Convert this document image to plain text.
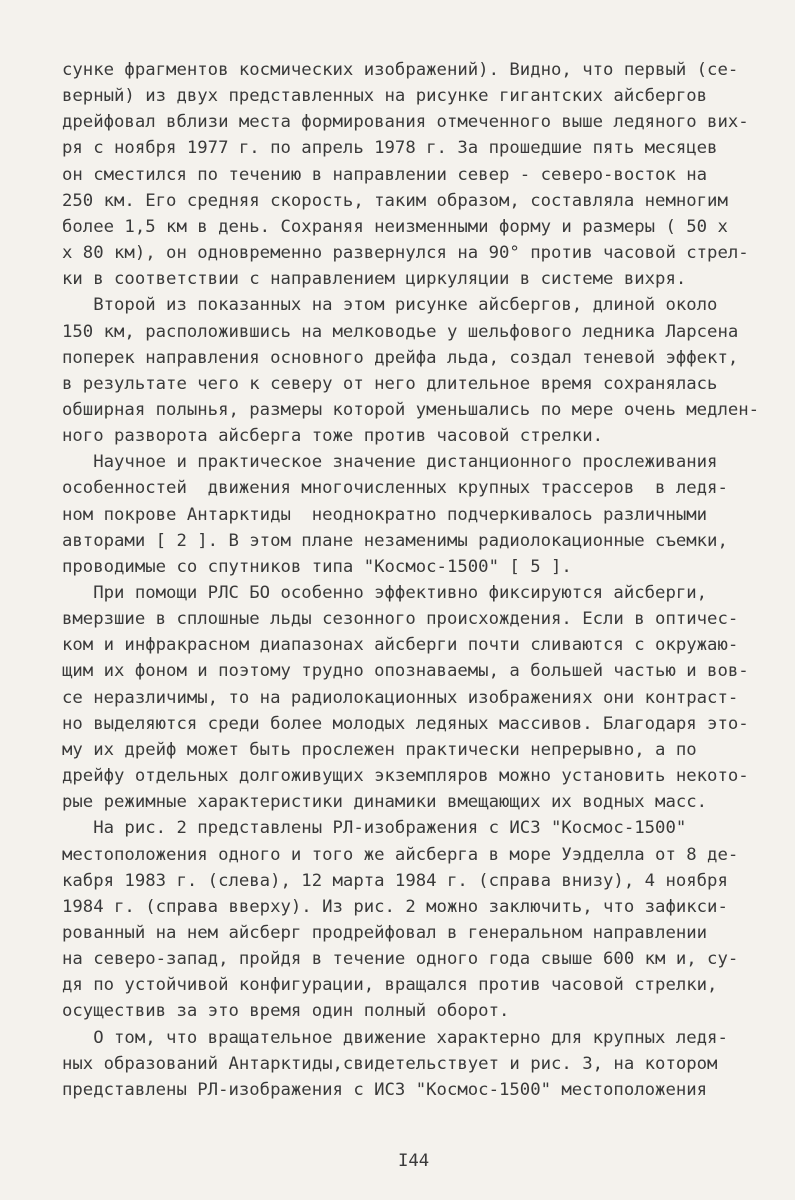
сунке фрагментов космических изображений). Видно, что первый (се-
верный) из двух представленных на рисунке гигантских айсбергов
дрейфовал вблизи места формирования отмеченного выше ледяного вих-
ря с ноября 1977 г. по апрель 1978 г. За прошедшие пять месяцев
он сместился по течению в направлении север - северо-восток на
250 км. Его средняя скорость, таким образом, составляла немногим
более 1,5 км в день. Сохраняя неизменными форму и размеры ( 50 х
х 80 км), он одновременно развернулся на 90° против часовой стрел-
ки в соответствии с направлением циркуляции в системе вихря.
Второй из показанных на этом рисунке айсбергов, длиной около
150 км, расположившись на мелководье у шельфового ледника Ларсена
поперек направления основного дрейфа льда, создал теневой эффект,
в результате чего к северу от него длительное время сохранялась
обширная полынья, размеры которой уменьшались по мере очень медлен-
ного разворота айсберга тоже против часовой стрелки.
Научное и практическое значение дистанционного прослеживания
особенностей  движения многочисленных крупных трассеров  в ледя-
ном покрове Антарктиды  неоднократно подчеркивалось различными
авторами [ 2 ]. В этом плане незаменимы радиолокационные съемки,
проводимые со спутников типа "Космос-1500" [ 5 ].
При помощи РЛС БО особенно эффективно фиксируются айсберги,
вмерзшие в сплошные льды сезонного происхождения. Если в оптичес-
ком и инфракрасном диапазонах айсберги почти сливаются с окружаю-
щим их фоном и поэтому трудно опознаваемы, а большей частью и вов-
се неразличимы, то на радиолокационных изображениях они контраст-
но выделяются среди более молодых ледяных массивов. Благодаря это-
му их дрейф может быть прослежен практически непрерывно, а по
дрейфу отдельных долгоживущих экземпляров можно установить некото-
рые режимные характеристики динамики вмещающих их водных масс.
На рис. 2 представлены РЛ-изображения с ИСЗ "Космос-1500"
местоположения одного и того же айсберга в море Уэдделла от 8 де-
кабря 1983 г. (слева), 12 марта 1984 г. (справа внизу), 4 ноября
1984 г. (справа вверху). Из рис. 2 можно заключить, что зафикси-
рованный на нем айсберг продрейфовал в генеральном направлении
на северо-запад, пройдя в течение одного года свыше 600 км и, су-
дя по устойчивой конфигурации, вращался против часовой стрелки,
осуществив за это время один полный оборот.
О том, что вращательное движение характерно для крупных ледя-
ных образований Антарктиды,свидетельствует и рис. 3, на котором
представлены РЛ-изображения с ИСЗ "Космос-1500" местоположения
I44
